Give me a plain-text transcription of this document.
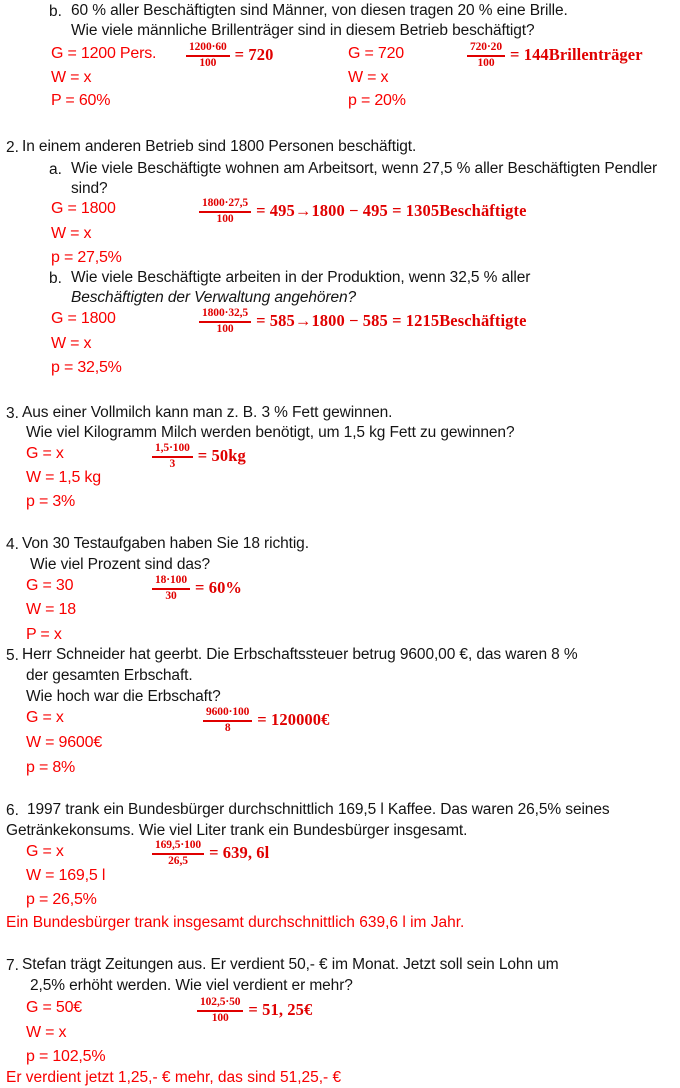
b. 60 % aller Beschäftigten sind Männer, von diesen tragen 20 % eine Brille.
Wie viele männliche Brillenträger sind in diesem Betrieb beschäftigt?
G = 1200 Pers.
W = x
P = 60%
G = 720
W = x
p = 20%
$\frac{1200\cdot 60}{100} = 720$	$\frac{720\cdot 20}{100} = 144$ Brillenträger
2. In einem anderen Betrieb sind 1800 Personen beschäftigt.
a. Wie viele Beschäftigte wohnen am Arbeitsort, wenn 27,5 % aller Beschäftigten Pendler
sind?
G = 1800
W = x
p = 27,5%
$\frac{1800\cdot 27,5}{100} = 495\to 1800 - 495 = 1305$ Beschäftigte
b. Wie viele Beschäftigte arbeiten in der Produktion, wenn 32,5 % aller
Beschäftigten der Verwaltung angehören?
G = 1800
W = x
p = 32,5%
$\frac{1800\cdot 32,5}{100} = 585\to 1800 - 585 = 1215$ Beschäftigte
3. Aus einer Vollmilch kann man z. B. 3 % Fett gewinnen.
Wie viel Kilogramm Milch werden benötigt, um 1,5 kg Fett zu gewinnen?
G = x
W = 1,5 kg
p = 3%
$\frac{1,5\cdot 100}{3} = 50$ kg
4. Von 30 Testaufgaben haben Sie 18 richtig.
Wie viel Prozent sind das?
G = 30
W = 18
P = x
$\frac{18\cdot 100}{30} = 60\%$
5. Herr Schneider hat geerbt. Die Erbschaftssteuer betrug 9600,00 €, das waren 8 %
der gesamten Erbschaft.
Wie hoch war die Erbschaft?
G = x
W = 9600€
p = 8%
$\frac{9600\cdot 100}{8}$ = 120000€
6. 1997 trank ein Bundesbürger durchschnittlich 169,5 l Kaffee. Das waren 26,5% seines
Getränkekonsums. Wie viel Liter trank ein Bundesbürger insgesamt.
G = x
W = 169,5 l
p = 26,5%
$\frac{169,5\cdot 100}{26,5} = 639$, 6l
Ein Bundesbürger trank insgesamt durchschnittlich 639,6 l im Jahr.
7. Stefan trägt Zeitungen aus. Er verdient 50,- € im Monat. Jetzt soll sein Lohn um
2,5% erhöht werden. Wie viel verdient er mehr?
G = 50€
W = x
p = 102,5%
$\frac{102,5\cdot 50}{100} = 51$, 25€
Er verdient jetzt 1,25,- € mehr, das sind 51,25,- €
